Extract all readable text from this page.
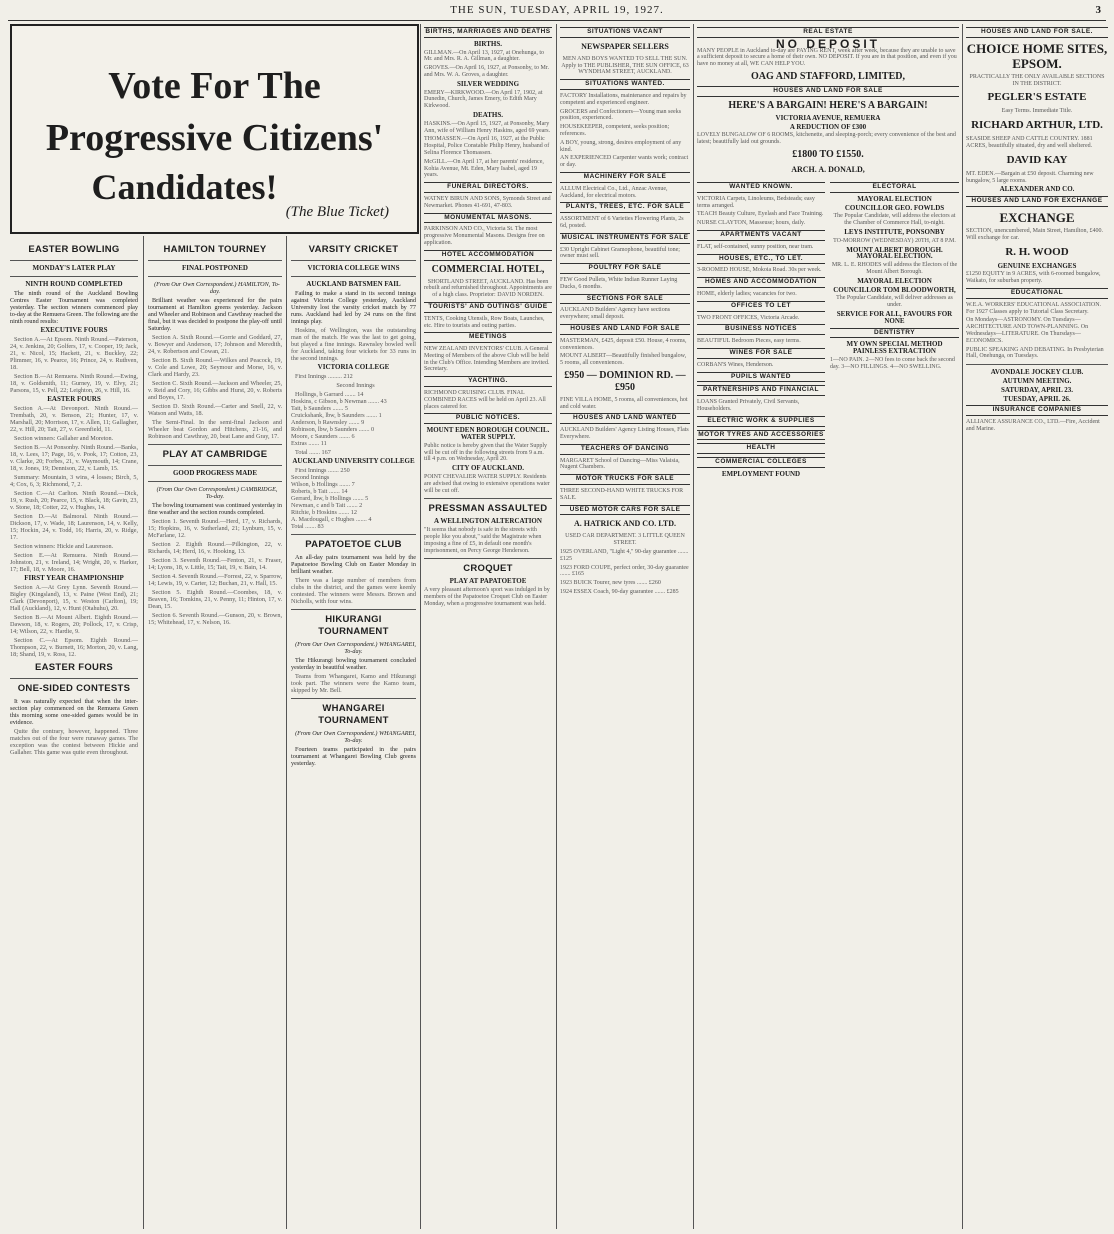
THE SUN, TUESDAY, APRIL 19, 1927.	3
Vote For The
Progressive Citizens'
Candidates!
(The Blue Ticket)
EASTER BOWLING
MONDAY'S LATER PLAY
NINTH ROUND COMPLETED

The ninth round of the Auckland Bowling Centres Easter Tournament was completed yesterday. The section winners commenced play to-day at the Remuera Green. The following are the ninth round results:

EXECUTIVE FOURS

Section A.—At Epsom. Ninth Round.—Paterson, 24, v. Jenkins, 20; Golfers, 17, v. Cooper, 19; Jack, 21, v. Nicol, 15; Hackett, 21, v. Buckley, 22; Plimmer, 16, v. Pearce, 16; Prince, 24, v. Ruthven, 18.

Section B.—At Remuera. Ninth Round.—Ewing, 18, v. Goldsmith, 11; Gurney, 19, v. Elvy, 21; Parsons, 15, v. Pell, 22; Leighton, 26, v. Hill, 16.

EASTER FOURS

Section A.—At Devonport. Ninth Round.—Trembath, 20, v. Benson, 21; Hunter, 17, v. Marshall, 20; Morrison, 17, v. Allen, 11; Gallagher, 22, v. Hill, 20; Tait, 27, v. Greenfield, 11.

Section winners: Gallaher and Moreton.

Section B.—At Ponsonby. Ninth Round.—Banks, 18, v. Lees, 17; Page, 16, v. Pook, 17; Cotton, 23, v. Clarke, 20; Forbes, 21, v. Waymouth, 14; Crane, 18, v. Jones, 19; Dennison, 22, v. Lamb, 15.

Summary: Mountain, 3 wins, 4 losses; Birch, 5, 4; Cox, 6, 3; Richmond, 7, 2.

Section C.—At Carlton. Ninth Round.—Dick, 19, v. Rush, 20; Pearce, 15, v. Black, 18; Gavin, 23, v. Stone, 18; Cotter, 22, v. Hughes, 14.

Section D.—At Balmoral. Ninth Round.—Dickson, 17, v. Wade, 18; Laurenson, 14, v. Kelly, 15; Hockin, 24, v. Todd, 16; Harris, 20, v. Ridge, 17.

Section winners: Hickie and Laurenson.

Section E.—At Remuera. Ninth Round.—Johnston, 21, v. Ireland, 14; Wright, 20, v. Harker, 17; Bell, 18, v. Moore, 16.

FIRST YEAR CHAMPIONSHIP

Section A.—At Grey Lynn. Seventh Round.—Bigley (Kingsland), 13, v. Paine (West End), 21; Clark (Devonport), 15, v. Weston (Carlton), 19; Hall (Auckland), 12, v. Hunt (Otahuhu), 20.

Section B.—At Mount Albert. Eighth Round.—Dawson, 18, v. Rogers, 20; Pollock, 17, v. Crisp, 14; Wilson, 22, v. Hardie, 9.

Section C.—At Epsom. Eighth Round.—Thompson, 22, v. Burnett, 16; Morton, 20, v. Lang, 18; Shand, 19, v. Ross, 12.

EASTER FOURS
ONE-SIDED CONTESTS

It was naturally expected that when the inter-section play commenced on the Remuera Green this morning some one-sided games would be in evidence.

Quite the contrary, however, happened. Three matches out of the four were runaway games. The exception was the contest between Hickie and Gallaher. This game was quite even throughout.

HAMILTON TOURNEY
FINAL POSTPONED

(From Our Own Correspondent.) HAMILTON, To-day.

Brilliant weather was experienced for the pairs tournament at Hamilton greens yesterday. Jackson and Wheeler and Robinson and Cawthray reached the final, but it was decided to postpone the play-off until Saturday.

Section A. Sixth Round.—Gorrie and Goddard, 27, v. Bowyer and Anderson, 17; Johnson and Meredith, 24, v. Robertson and Cowan, 21.

Section B. Sixth Round.—Wilkes and Peacock, 19, v. Cole and Lowe, 20; Seymour and Morse, 16, v. Clark and Hardy, 23.

Section C. Sixth Round.—Jackson and Wheeler, 25, v. Reid and Cory, 16; Gibbs and Hurst, 20, v. Roberts and Boyes, 17.

Section D. Sixth Round.—Carter and Snell, 22, v. Watson and Watts, 18.

The Semi-Final. In the semi-final Jackson and Wheeler beat Gordon and Hitchens, 21-16, and Robinson and Cawthray, 20, beat Lane and Gray, 17.

PLAY AT CAMBRIDGE
GOOD PROGRESS MADE

(From Our Own Correspondent.) CAMBRIDGE, To-day.

The bowling tournament was continued yesterday in fine weather and the section rounds completed.

Section 1. Seventh Round.—Herd, 17, v. Richards, 15; Hopkins, 16, v. Sutherland, 21; Lynburn, 15, v. McFarlane, 12.

Section 2. Eighth Round.—Pilkington, 22, v. Richards, 14; Herd, 16, v. Hooking, 13.

Section 3. Seventh Round.—Fenton, 21, v. Fraser, 14; Lyons, 18, v. Little, 15; Tait, 19, v. Bain, 14.

Section 4. Seventh Round.—Forrest, 22, v. Sparrow, 14; Lewis, 19, v. Carter, 12; Buchan, 21, v. Hall, 15.

Section 5. Eighth Round.—Coombes, 18, v. Beaven, 16; Tomkins, 21, v. Penny, 11; Hinton, 17, v. Dean, 15.

Section 6. Seventh Round.—Gunson, 20, v. Brown, 15; Whitehead, 17, v. Nelson, 16.

VARSITY CRICKET
VICTORIA COLLEGE WINS
AUCKLAND BATSMEN FAIL

Failing to make a stand in its second innings against Victoria College yesterday, Auckland University lost the varsity cricket match by 77 runs. Auckland had led by 24 runs on the first innings play.

Hoskins, of Wellington, was the outstanding man of the match. He was the last to get going, but played a fine innings. Rawnsley bowled well for Auckland, taking four wickets for 33 runs in the second innings.

VICTORIA COLLEGE

First Innings ......... 212

Second Innings

Hollings, b Garrard ....... 14
Hoskins, c Gibson, b Newman ....... 43
Tait, b Saunders ....... 5
Cruickshank, lbw, b Saunders ....... 1
Anderson, b Rawnsley ....... 9
Robinson, lbw, b Saunders ....... 0
Moore, c Saunders ....... 6
Extras ....... 11

Total ....... 167

AUCKLAND UNIVERSITY COLLEGE

First Innings ....... 250
Second Innings
Wilson, b Hollings ....... 7
Roberts, b Tait ....... 14
Gerrard, lbw, b Hollings ....... 5
Newman, c and b Tait ....... 2
Ritchie, b Hoskins ....... 12
A. Macdougall, c Hughes ....... 4
Total ....... 83

PAPATOETOE CLUB

An all-day pairs tournament was held by the Papatoetoe Bowling Club on Easter Monday in brilliant weather.

There was a large number of members from clubs in the district, and the games were keenly contested. The winners were Messrs. Brown and Nicholls, with four wins.

HIKURANGI TOURNAMENT

(From Our Own Correspondent.) WHANGAREI, To-day.

The Hikurangi bowling tournament concluded yesterday in beautiful weather.

Teams from Whangarei, Kamo and Hikurangi took part. The winners were the Kamo team, skipped by Mr. Bell.

WHANGAREI TOURNAMENT

(From Our Own Correspondent.) WHANGAREI, To-day.

Fourteen teams participated in the pairs tournament at Whangarei Bowling Club greens yesterday.

BIRTHS, MARRIAGES AND DEATHS
BIRTHS.

GILLMAN.—On April 13, 1927, at Onehunga, to Mr. and Mrs. R. A. Gillman, a daughter.

GROVES.—On April 16, 1927, at Ponsonby, to Mr. and Mrs. W. A. Groves, a daughter.

SILVER WEDDING

EMERY—KIRKWOOD.—On April 17, 1902, at Dunedin, Church, James Emery, to Edith Mary Kirkwood.

DEATHS.

HASKINS.—On April 15, 1927, at Ponsonby, Mary Ann, wife of William Henry Haskins, aged 69 years.

THOMASSEN.—On April 16, 1927, at the Public Hospital, Police Constable Philip Henry, husband of Selina Florence Thomassen.

McGILL.—On April 17, at her parents' residence, Kohia Avenue, Mt. Eden, Mary Isabel, aged 19 years.

FUNERAL DIRECTORS.

WATNEY BIRUN AND SONS, Symonds Street and Newmarket. Phones 41-691, 47-803.

MONUMENTAL MASONS.

PARKINSON AND CO., Victoria St. The most progressive Monumental Masons. Designs free on application.

HOTEL ACCOMMODATION
COMMERCIAL HOTEL,

SHORTLAND STREET, AUCKLAND. Has been rebuilt and refurnished throughout. Appointments are of a high class. Proprietor: DAVID NORDEN.

TOURISTS' AND OUTINGS' GUIDE

TENTS, Cooking Utensils, Row Boats, Launches, etc. Hire to tourists and outing parties.

MEETINGS

NEW ZEALAND INVENTORS' CLUB. A General Meeting of Members of the above Club will be held in the Club's Office. Intending Members are invited. Secretary.

YACHTING.

RICHMOND CRUISING CLUB. FINAL COMBINED RACES will be held on April 23. All places catered for.

PUBLIC NOTICES.
MOUNT EDEN BOROUGH COUNCIL. WATER SUPPLY.

Public notice is hereby given that the Water Supply will be cut off in the following streets from 9 a.m. till 4 p.m. on Wednesday, April 20.

CITY OF AUCKLAND.

POINT CHEVALIER WATER SUPPLY. Residents are advised that owing to extensive operations water will be cut off.

PRESSMAN ASSAULTED
A WELLINGTON ALTERCATION

"It seems that nobody is safe in the streets with people like you about," said the Magistrate when imposing a fine of £5, in default one month's imprisonment, on Percy George Henderson.

CROQUET
PLAY AT PAPATOETOE

A very pleasant afternoon's sport was indulged in by members of the Papatoetoe Croquet Club on Easter Monday, when a progressive tournament was held.

SITUATIONS VACANT
NEWSPAPER SELLERS

MEN AND BOYS WANTED TO SELL THE SUN. Apply to THE PUBLISHER, THE SUN OFFICE, 63 WYNDHAM STREET, AUCKLAND.

SITUATIONS WANTED.

FACTORY Installations, maintenance and repairs by competent and experienced engineer.

GROCERS and Confectioners—Young man seeks position, experienced.

HOUSEKEEPER, competent, seeks position; references.

A BOY, young, strong, desires employment of any kind.

AN EXPERIENCED Carpenter wants work; contract or day.

MACHINERY FOR SALE

ALLUM Electrical Co., Ltd., Anzac Avenue, Auckland, for electrical motors.

PLANTS, TREES, ETC. FOR SALE

ASSORTMENT of 6 Varieties Flowering Plants, 2s 6d, posted.

MUSICAL INSTRUMENTS FOR SALE

£30 Upright Cabinet Gramophone, beautiful tone; owner must sell.

POULTRY FOR SALE

FEW Good Pullets, White Indian Runner Laying Ducks, 6 months.

SECTIONS FOR SALE

AUCKLAND Builders' Agency have sections everywhere; small deposit.

HOUSES AND LAND FOR SALE

MASTERMAN, £425, deposit £50. House, 4 rooms, conveniences.

MOUNT ALBERT—Beautifully finished bungalow, 5 rooms, all conveniences.

£950 — DOMINION RD. — £950

FINE VILLA HOME, 5 rooms, all conveniences, hot and cold water.

HOUSES AND LAND WANTED

AUCKLAND Builders' Agency Listing Houses, Flats Everywhere.

TEACHERS OF DANCING

MARGARET School of Dancing—Miss Valaisia, Nugent Chambers.

MOTOR TRUCKS FOR SALE

THREE SECOND-HAND WHITE TRUCKS FOR SALE.

USED MOTOR CARS FOR SALE
A. HATRICK AND CO. LTD.

USED CAR DEPARTMENT. 3 LITTLE QUEEN STREET.

1925 OVERLAND, "Light 4," 90-day guarantee ....... £125

1923 FORD COUPE, perfect order, 30-day guarantee ....... £165

1923 BUICK Tourer, new tyres ....... £260

1924 ESSEX Coach, 90-day guarantee ....... £285

REAL ESTATE
NO DEPOSIT

MANY PEOPLE in Auckland to-day are PAYING RENT, week after week, because they are unable to save a sufficient deposit to secure a home of their own. NO DEPOSIT. If you are in that position, and even if you have no money at all, WE CAN HELP YOU.

OAG AND STAFFORD, LIMITED,
HOUSES AND LAND FOR SALE
HERE'S A BARGAIN! HERE'S A BARGAIN!
VICTORIA AVENUE, REMUERA
A REDUCTION OF £300

LOVELY BUNGALOW OF 6 ROOMS, kitchenette, and sleeping-porch; every convenience of the best and latest; beautifully laid out grounds.

£1800 TO £1550.
ARCH. A. DONALD,
WANTED KNOWN.

VICTORIA Carpets, Linoleums, Bedsteads; easy terms arranged.

TEACH Beauty Culture, Eyelash and Face Training.

NURSE CLAYTON, Masseuse; hours, daily.

APARTMENTS VACANT

FLAT, self-contained, sunny position, near tram.

HOUSES, ETC., TO LET.

3-ROOMED HOUSE, Mokoia Road. 30s per week.

HOMES AND ACCOMMODATION

HOME, elderly ladies; vacancies for two.

OFFICES TO LET

TWO FRONT OFFICES, Victoria Arcade.

BUSINESS NOTICES

BEAUTIFUL Bedroom Pieces, easy terms.

WINES FOR SALE

CORBAN'S Wines, Henderson.

PUPILS WANTED
PARTNERSHIPS AND FINANCIAL

LOANS Granted Privately, Civil Servants, Householders.

ELECTRIC WORK & SUPPLIES
MOTOR TYRES AND ACCESSORIES
HEALTH
COMMERCIAL COLLEGES
EMPLOYMENT FOUND
ELECTORAL
MAYORAL ELECTION
COUNCILLOR GEO. FOWLDS

The Popular Candidate, will address the electors at the Chamber of Commerce Hall, to-night.

LEYS INSTITUTE, PONSONBY

TO-MORROW (WEDNESDAY) 20TH, AT 8 P.M.

MOUNT ALBERT BOROUGH. MAYORAL ELECTION.

MR. L. E. RHODES will address the Electors of the Mount Albert Borough.

MAYORAL ELECTION
COUNCILLOR TOM BLOODWORTH,

The Popular Candidate, will deliver addresses as under.

SERVICE FOR ALL, FAVOURS FOR NONE
DENTISTRY
MY OWN SPECIAL METHOD PAINLESS EXTRACTION

1—NO PAIN. 2—NO fees to come back the second day. 3—NO FILLINGS. 4—NO SWELLING.

HOUSES AND LAND FOR SALE.
CHOICE HOME SITES, EPSOM.

PRACTICALLY THE ONLY AVAILABLE SECTIONS IN THE DISTRICT.

PEGLER'S ESTATE

Easy Terms. Immediate Title.

RICHARD ARTHUR, LTD.

SEASIDE SHEEP AND CATTLE COUNTRY. 1881 ACRES, beautifully situated, dry and well sheltered.

DAVID KAY

MT. EDEN.—Bargain at £50 deposit. Charming new bungalow, 5 large rooms.

ALEXANDER AND CO.
HOUSES AND LAND FOR EXCHANGE
EXCHANGE

SECTION, unencumbered, Main Street, Hamilton, £400. Will exchange for car.

R. H. WOOD
GENUINE EXCHANGES

£1250 EQUITY in 9 ACRES, with 6-roomed bungalow, Waikato, for suburban property.

EDUCATIONAL

W.E.A. WORKERS' EDUCATIONAL ASSOCIATION. For 1927 Classes apply to Tutorial Class Secretary.

On Mondays—ASTRONOMY. On Tuesdays—ARCHITECTURE AND TOWN-PLANNING. On Wednesdays—LITERATURE. On Thursdays—ECONOMICS.

PUBLIC SPEAKING AND DEBATING. In Presbyterian Hall, Onehunga, on Tuesdays.

AVONDALE JOCKEY CLUB.
AUTUMN MEETING.
SATURDAY, APRIL 23.
TUESDAY, APRIL 26.
INSURANCE COMPANIES

ALLIANCE ASSURANCE CO., LTD.—Fire, Accident and Marine.
